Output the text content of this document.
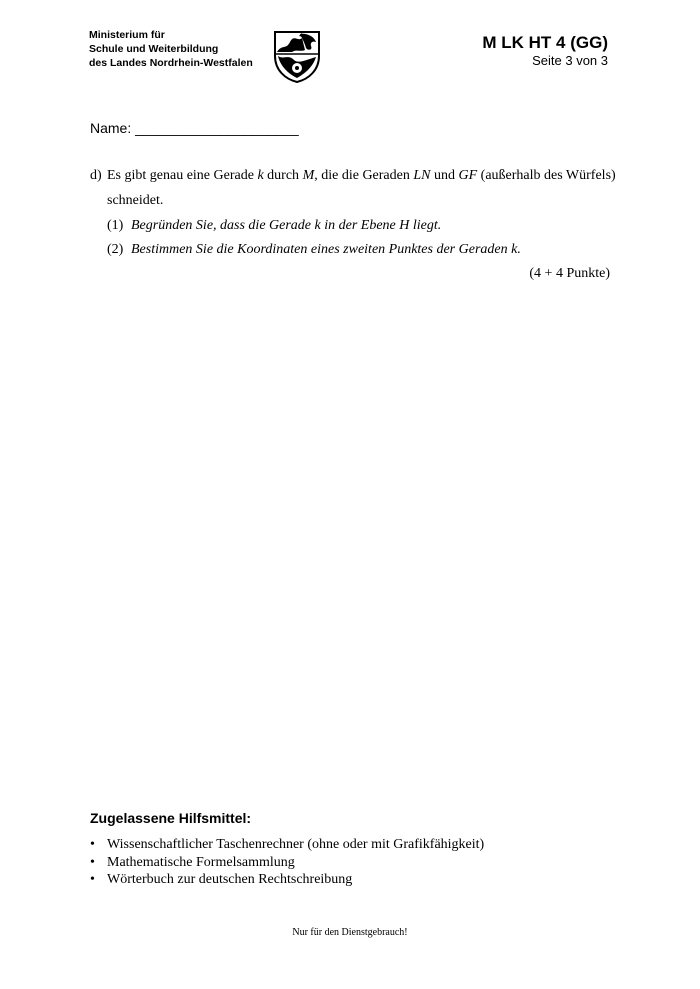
Ministerium für
Schule und Weiterbildung
des Landes Nordrhein-Westfalen
M LK HT 4 (GG)
Seite 3 von 3
Name: _____________________
d) Es gibt genau eine Gerade k durch M, die die Geraden LN und GF (außerhalb des Würfels)
schneidet.
(1) Begründen Sie, dass die Gerade k in der Ebene H liegt.
(2) Bestimmen Sie die Koordinaten eines zweiten Punktes der Geraden k.
(4 + 4 Punkte)
Zugelassene Hilfsmittel:
• Wissenschaftlicher Taschenrechner (ohne oder mit Grafikfähigkeit)
• Mathematische Formelsammlung
• Wörterbuch zur deutschen Rechtschreibung
Nur für den Dienstgebrauch!
